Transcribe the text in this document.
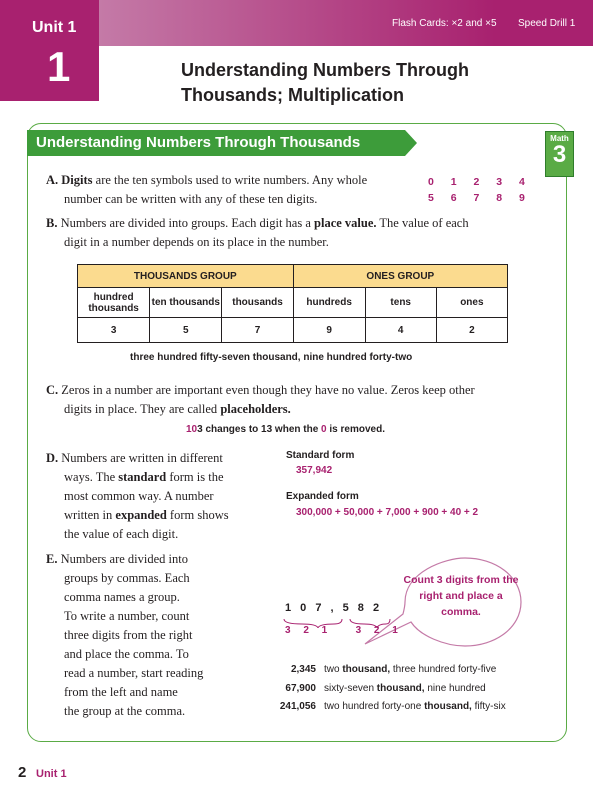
Flash Cards: ×2 and ×5 Speed Drill 1
Unit 1
1	Understanding Numbers Through
Thousands; Multiplication
Understanding Numbers Through Thousands	Math
3
A. Digits are the ten symbols used to write numbers. Any whole
number can be written with any of these ten digits.
0 1 2 3 4
5 6 7 8 9
B. Numbers are divided into groups. Each digit has a place value. The value of each
digit in a number depends on its place in the number.
THOUSANDS GROUP			ONES GROUP		
hundred thousands	ten thousands	thousands	hundreds	tens	ones
3	5	7	9	4	2
three hundred fifty-seven thousand, nine hundred forty-two
C. Zeros in a number are important even though they have no value. Zeros keep other
digits in place. They are called placeholders.
103 changes to 13 when the 0 is removed.
D. Numbers are written in different
ways. The standard form is the
most common way. A number
written in expanded form shows
the value of each digit.
Standard form
357,942
Expanded form
300,000 + 50,000 + 7,000 + 900 + 40 + 2
E. Numbers are divided into
groups by commas. Each
comma names a group.
To write a number, count
three digits from the right
and place the comma. To
read a number, start reading
from the left and name
the group at the comma.
Count 3 digits from the right and place a comma.
1 0 7 , 5 8 2
3 2 1   3 2 1
2,345 two thousand, three hundred forty-five
67,900 sixty-seven thousand, nine hundred
241,056 two hundred forty-one thousand, fifty-six
2 Unit 1
